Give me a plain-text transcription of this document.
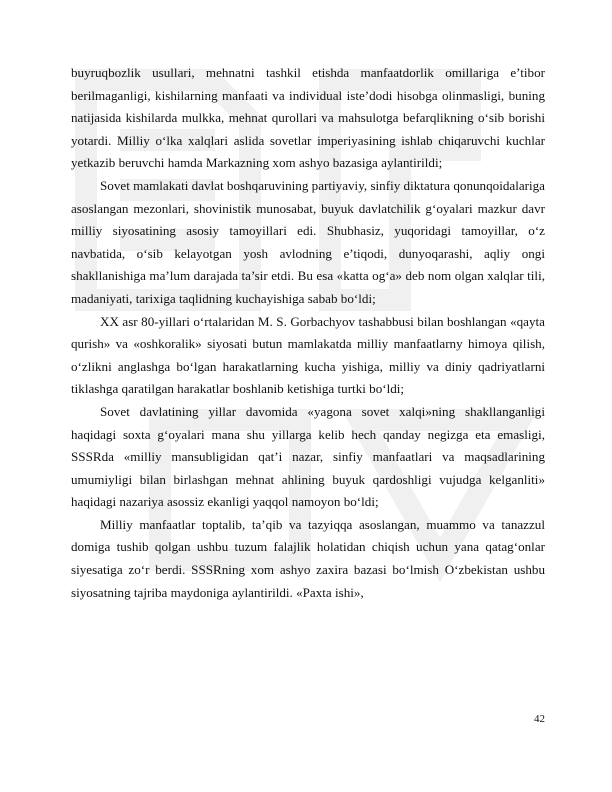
buyruqbozlik usullari, mehnatni tashkil etishda manfaatdorlik omillariga e’tibor berilmaganligi, kishilarning manfaati va individual iste’dodi hisobga olinmasligi, buning natijasida kishilarda mulkka, mehnat qurollari va mahsulotga befarqlikning o‘sib borishi yotardi. Milliy o‘lka xalqlari aslida sovetlar imperiyasining ishlab chiqaruvchi kuchlar yetkazib beruvchi hamda Markazning xom ashyo bazasiga aylantirildi;

Sovet mamlakati davlat boshqaruvining partiyaviy, sinfiy diktatura qonunqoidalariga asoslangan mezonlari, shovinistik munosabat, buyuk davlatchilik g‘oyalari mazkur davr milliy siyosatining asosiy tamoyillari edi. Shubhasiz, yuqoridagi tamoyillar, o‘z navbatida, o‘sib kelayotgan yosh avlodning e’tiqodi, dunyoqarashi, aqliy ongi shakllanishiga ma’lum darajada ta’sir etdi. Bu esa «katta og‘a» deb nom olgan xalqlar tili, madaniyati, tarixiga taqlidning kuchayishiga sabab bo‘ldi;

XX asr 80-yillari o‘rtalaridan M. S. Gorbachyov tashabbusi bilan boshlangan «qayta qurish» va «oshkoralik» siyosati butun mamlakatda milliy manfaatlarny himoya qilish, o‘zlikni anglashga bo‘lgan harakatlarning kucha yishiga, milliy va diniy qadriyatlarni tiklashga qaratilgan harakatlar boshlanib ketishiga turtki bo‘ldi;

Sovet davlatining yillar davomida «yagona sovet xalqi»ning shakllanganligi haqidagi soxta g‘oyalari mana shu yillarga kelib hech qanday negizga eta emasligi, SSSRda «milliy mansubligidan qat’i nazar, sinfiy manfaatlari va maqsadlarining umumiyligi bilan birlashgan mehnat ahlining buyuk qardoshligi vujudga kelganliti» haqidagi nazariya asossiz ekanligi yaqqol namoyon bo‘ldi;

Milliy manfaatlar toptalib, ta’qib va tazyiqqa asoslangan, muammo va tanazzul domiga tushib qolgan ushbu tuzum falajlik holatidan chiqish uchun yana qatag‘onlar siyesatiga zo‘r berdi. SSSRning xom ashyo zaxira bazasi bo‘lmish O‘zbekistan ushbu siyosatning tajriba maydoniga aylantirildi. «Paxta ishi»,

42
